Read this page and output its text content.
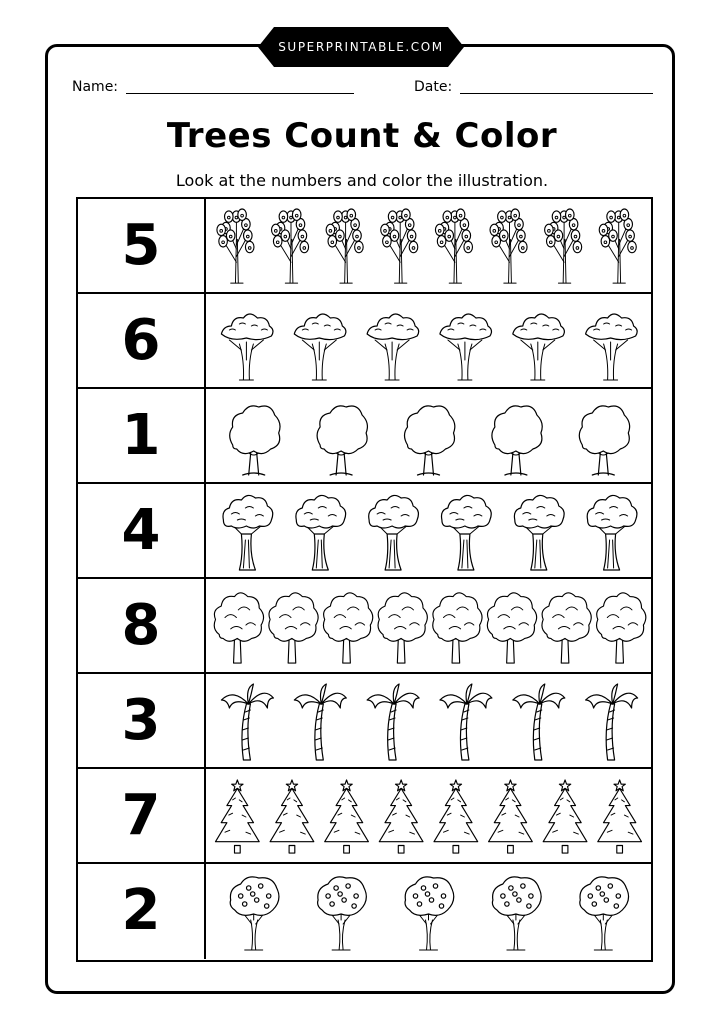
SUPERPRINTABLE.COM
Name:	Date:
Trees Count & Color
Look at the numbers and color the illustration.
5
6
1
4
8
3
7
2
